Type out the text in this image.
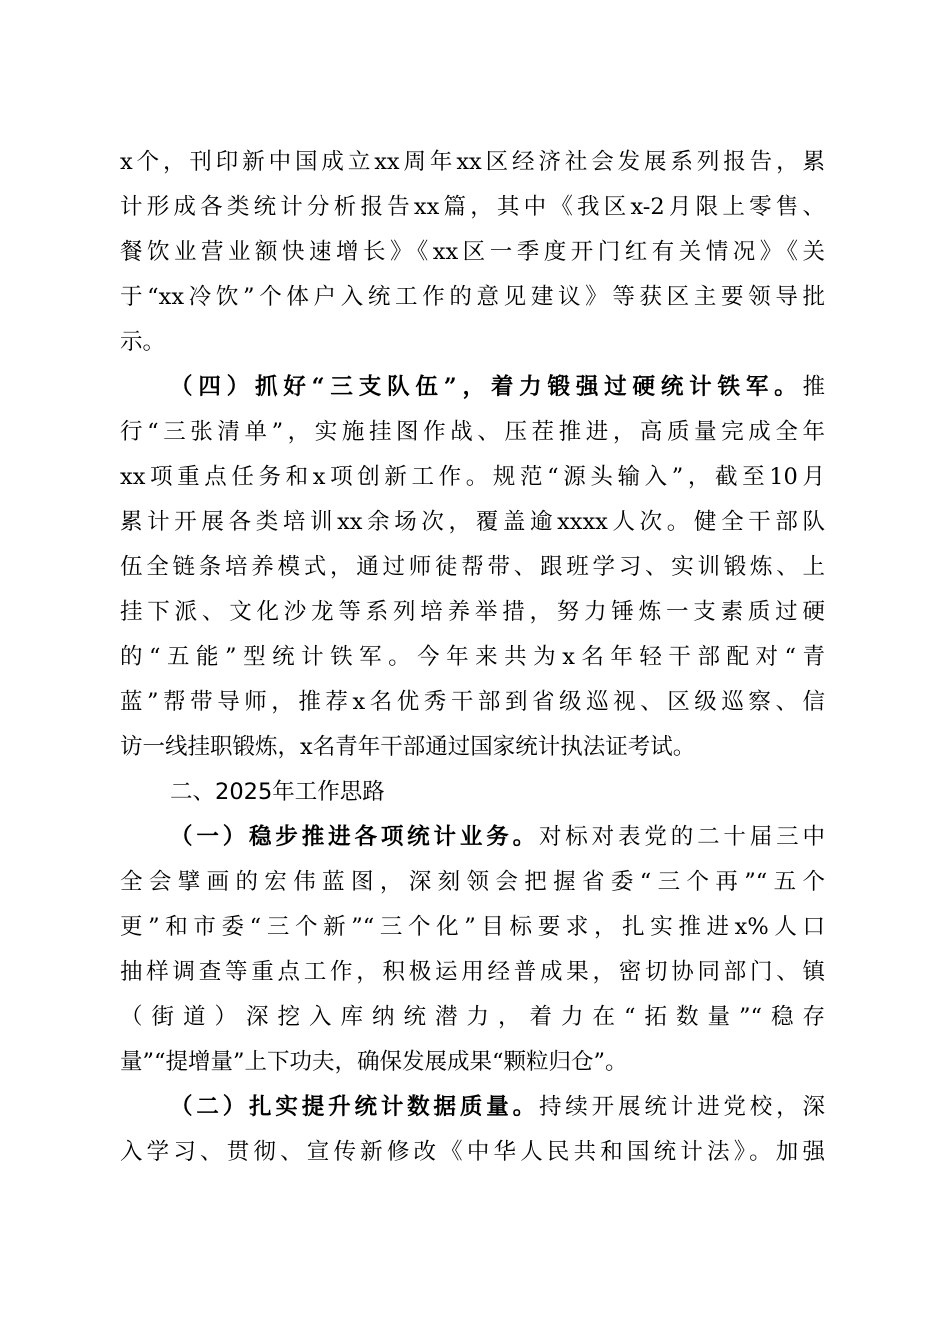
x个，刊印新中国成立xx周年xx区经济社会发展系列报告，累
计形成各类统计分析报告xx篇，其中《我区x-2月限上零售、
餐饮业营业额快速增长》《xx区一季度开门红有关情况》《关
于“xx冷饮”个体户入统工作的意见建议》等获区主要领导批
示。
（四）抓好“三支队伍”，着力锻强过硬统计铁军。推
行“三张清单”，实施挂图作战、压茬推进，高质量完成全年
xx项重点任务和x项创新工作。规范“源头输入”，截至10月
累计开展各类培训xx余场次，覆盖逾xxxx人次。健全干部队
伍全链条培养模式，通过师徒帮带、跟班学习、实训锻炼、上
挂下派、文化沙龙等系列培养举措，努力锤炼一支素质过硬
的“五能”型统计铁军。今年来共为x名年轻干部配对“青
蓝”帮带导师，推荐x名优秀干部到省级巡视、区级巡察、信
访一线挂职锻炼，x名青年干部通过国家统计执法证考试。
二、2025年工作思路
（一）稳步推进各项统计业务。对标对表党的二十届三中
全会擘画的宏伟蓝图，深刻领会把握省委“三个再”“五个
更”和市委“三个新”“三个化”目标要求，扎实推进x%人口
抽样调查等重点工作，积极运用经普成果，密切协同部门、镇
（街道）深挖入库纳统潜力，着力在“拓数量”“稳存
量”“提增量”上下功夫，确保发展成果“颗粒归仓”。
（二）扎实提升统计数据质量。持续开展统计进党校，深
入学习、贯彻、宣传新修改《中华人民共和国统计法》。加强
